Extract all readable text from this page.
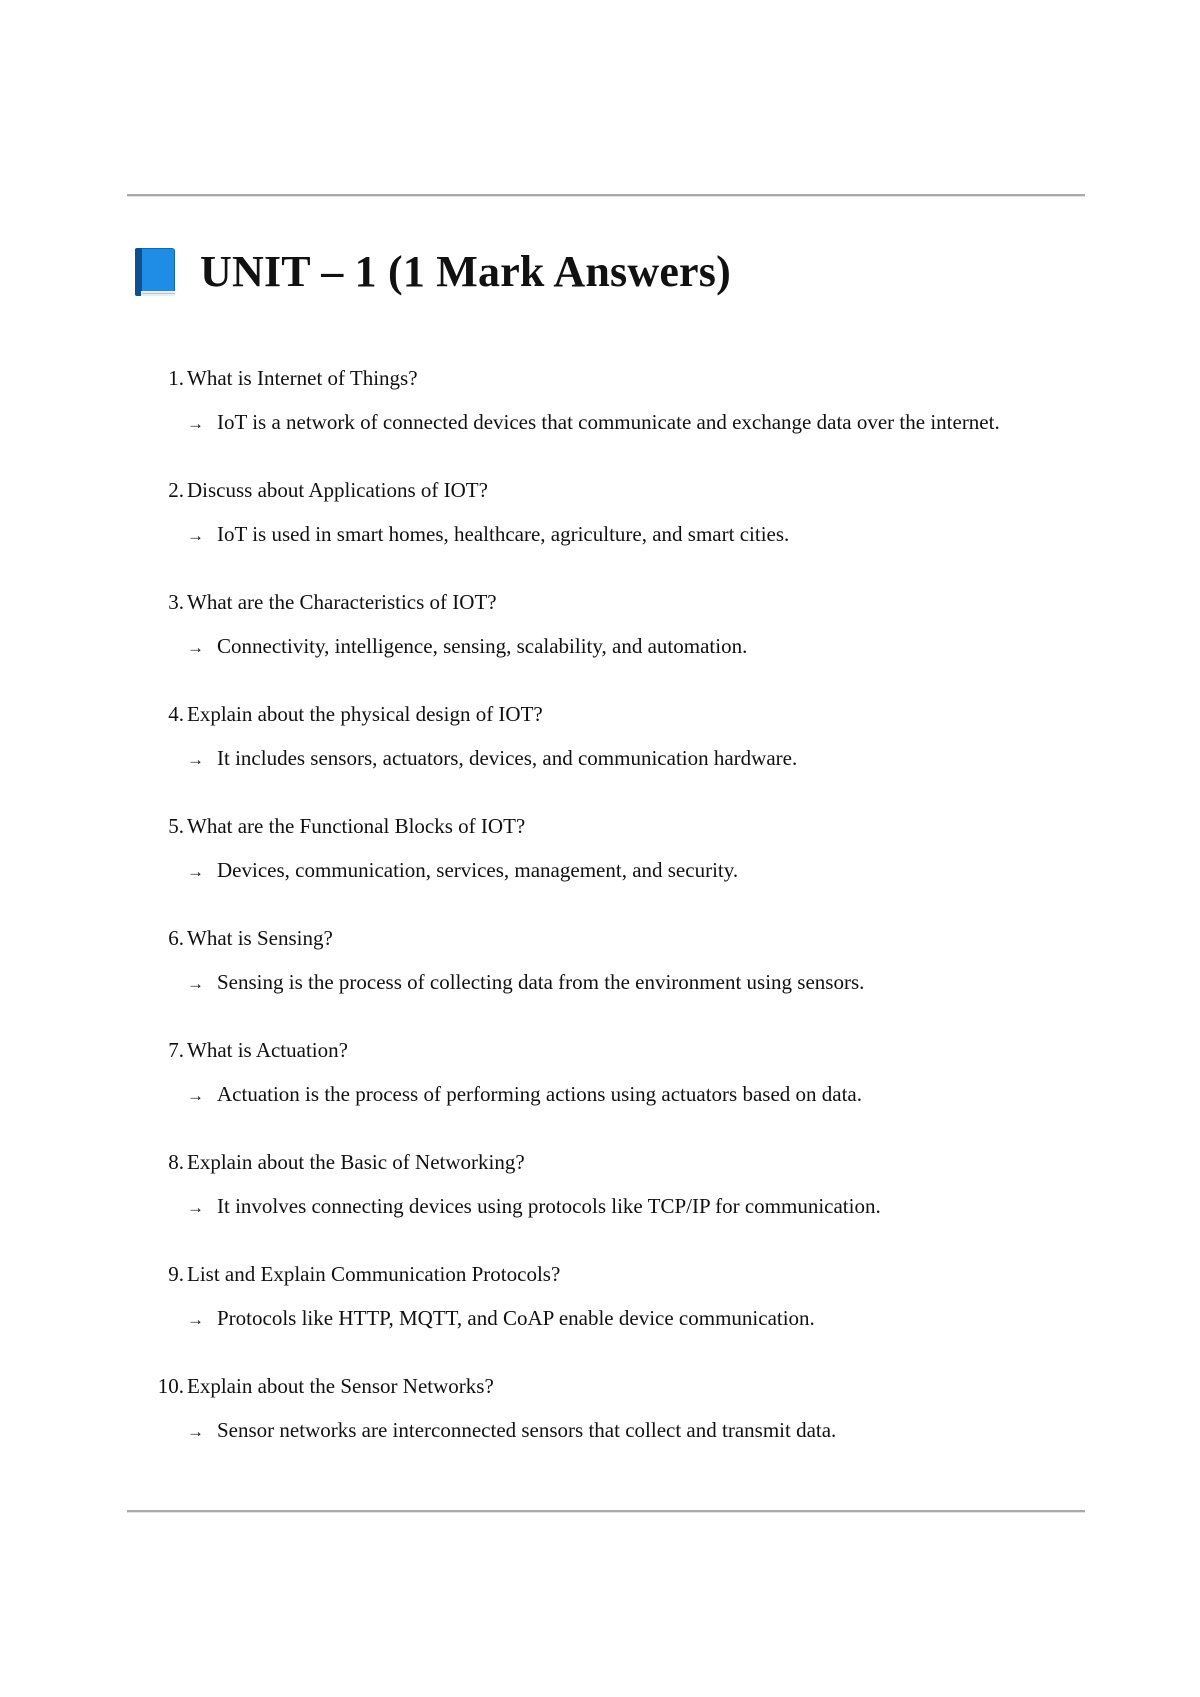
UNIT – 1 (1 Mark Answers)
1. What is Internet of Things?
→ IoT is a network of connected devices that communicate and exchange data over the internet.
2. Discuss about Applications of IOT?
→ IoT is used in smart homes, healthcare, agriculture, and smart cities.
3. What are the Characteristics of IOT?
→ Connectivity, intelligence, sensing, scalability, and automation.
4. Explain about the physical design of IOT?
→ It includes sensors, actuators, devices, and communication hardware.
5. What are the Functional Blocks of IOT?
→ Devices, communication, services, management, and security.
6. What is Sensing?
→ Sensing is the process of collecting data from the environment using sensors.
7. What is Actuation?
→ Actuation is the process of performing actions using actuators based on data.
8. Explain about the Basic of Networking?
→ It involves connecting devices using protocols like TCP/IP for communication.
9. List and Explain Communication Protocols?
→ Protocols like HTTP, MQTT, and CoAP enable device communication.
10. Explain about the Sensor Networks?
→ Sensor networks are interconnected sensors that collect and transmit data.
